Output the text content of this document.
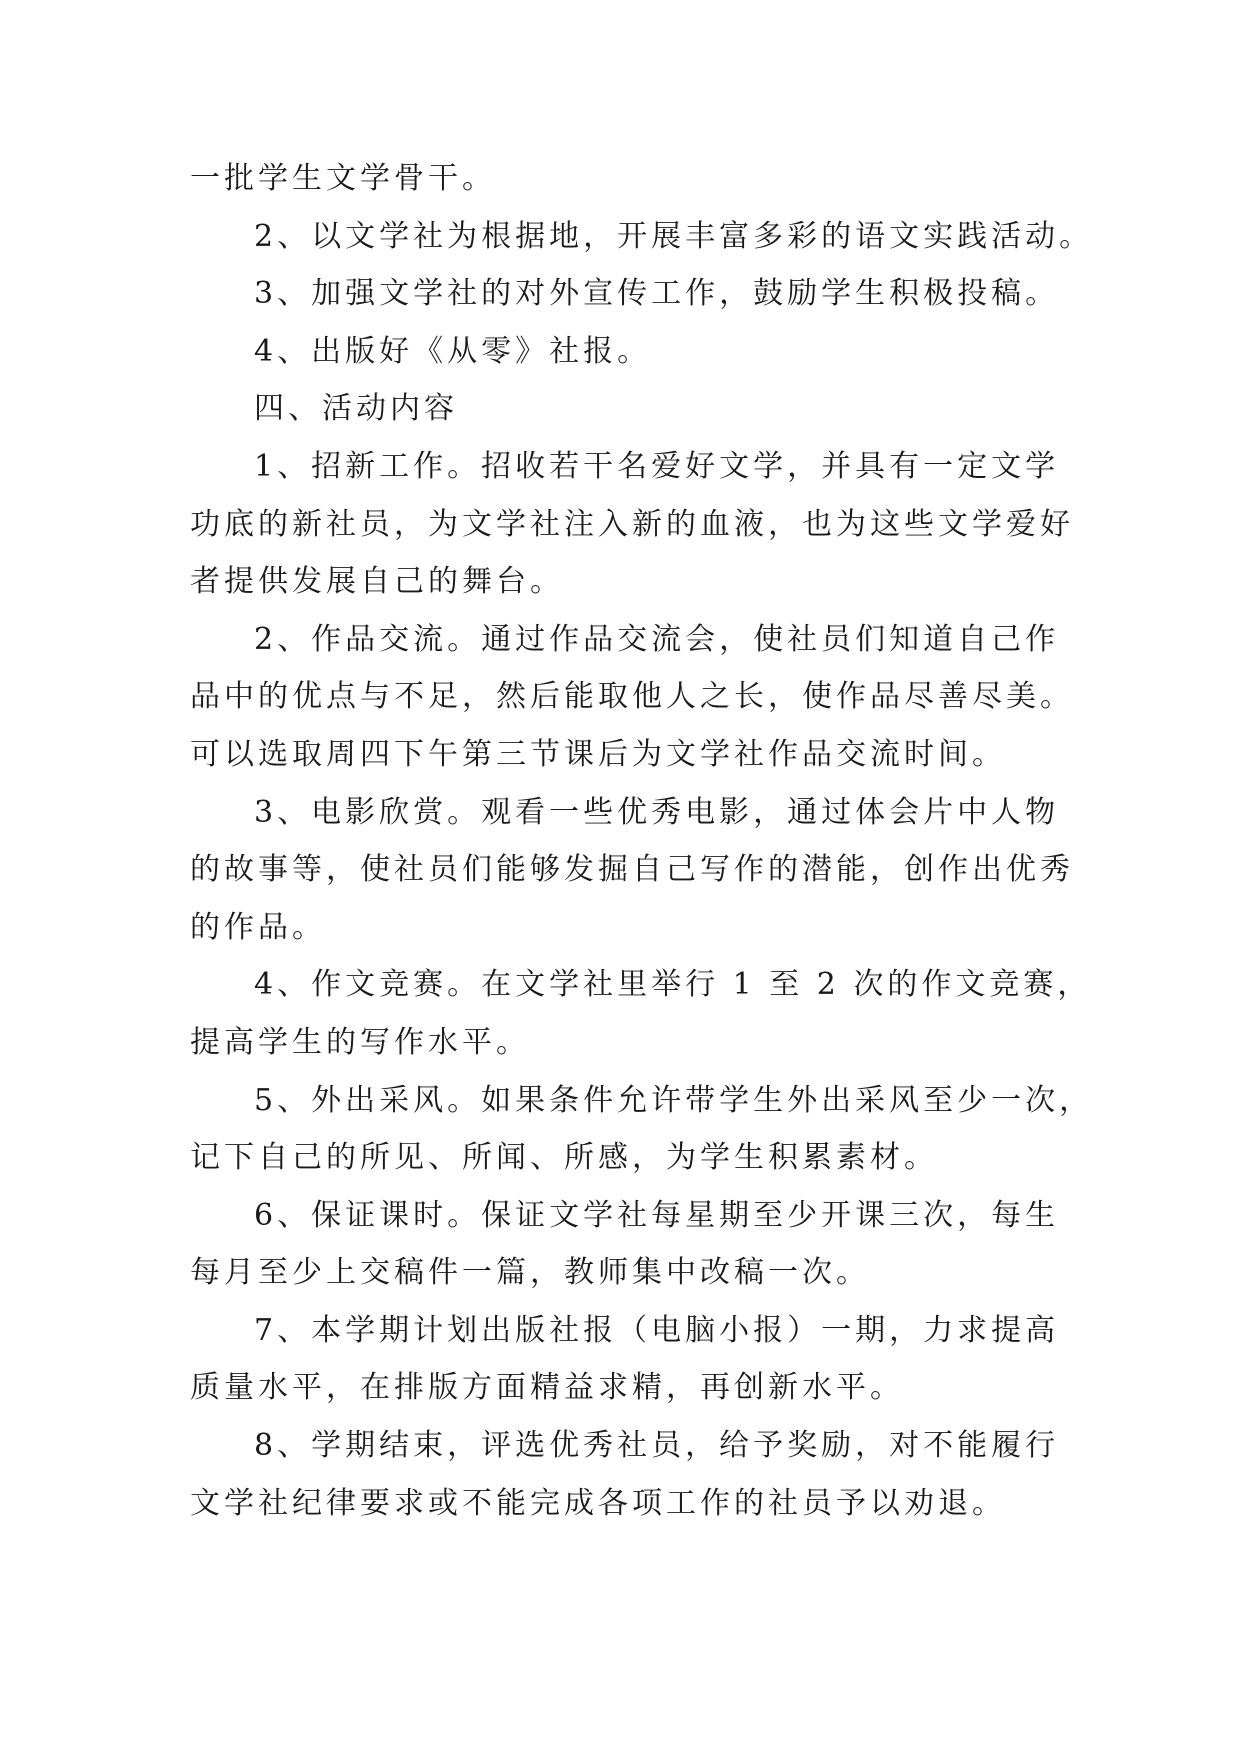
一批学生文学骨干。
2、以文学社为根据地，开展丰富多彩的语文实践活动。
3、加强文学社的对外宣传工作，鼓励学生积极投稿。
4、出版好《从零》社报。
四、活动内容
1、招新工作。招收若干名爱好文学，并具有一定文学
功底的新社员，为文学社注入新的血液，也为这些文学爱好
者提供发展自己的舞台。
2、作品交流。通过作品交流会，使社员们知道自己作
品中的优点与不足，然后能取他人之长，使作品尽善尽美。
可以选取周四下午第三节课后为文学社作品交流时间。
3、电影欣赏。观看一些优秀电影，通过体会片中人物
的故事等，使社员们能够发掘自己写作的潜能，创作出优秀
的作品。
4、作文竞赛。在文学社里举行 1 至 2 次的作文竞赛，
提高学生的写作水平。
5、外出采风。如果条件允许带学生外出采风至少一次，
记下自己的所见、所闻、所感，为学生积累素材。
6、保证课时。保证文学社每星期至少开课三次，每生
每月至少上交稿件一篇，教师集中改稿一次。
7、本学期计划出版社报（电脑小报）一期，力求提高
质量水平，在排版方面精益求精，再创新水平。
8、学期结束，评选优秀社员，给予奖励，对不能履行
文学社纪律要求或不能完成各项工作的社员予以劝退。
